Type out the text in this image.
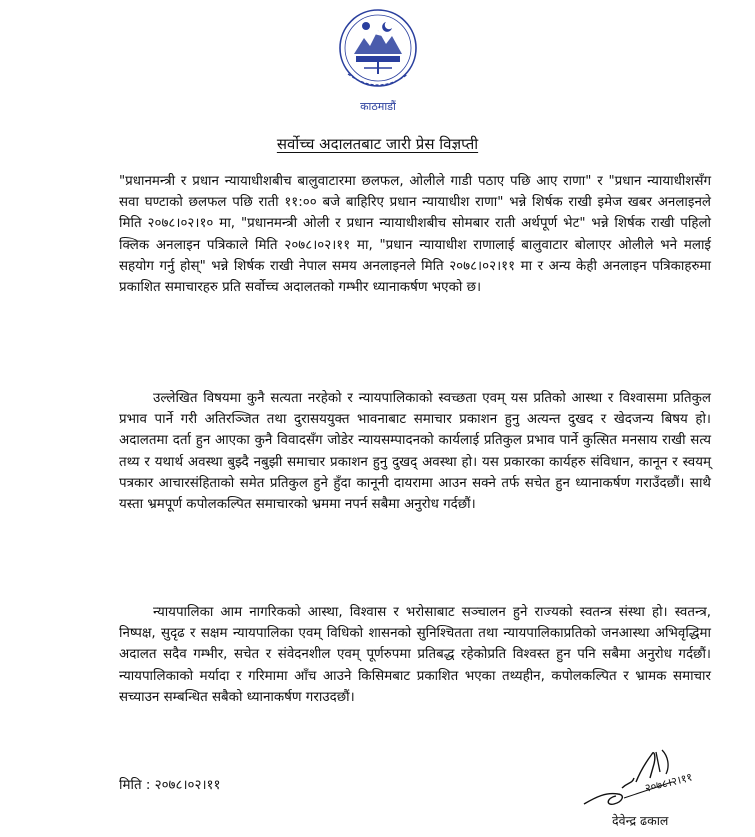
काठमाडौं
सर्वोच्च अदालतबाट जारी प्रेस विज्ञप्ती

"प्रधानमन्त्री र प्रधान न्यायाधीशबीच बालुवाटारमा छलफल, ओलीले गाडी पठाए पछि आए राणा" र "प्रधान न्यायाधीशसँग सवा घण्टाको छलफल पछि राती ११:०० बजे बाहिरिए प्रधान न्यायाधीश राणा" भन्ने शिर्षक राखी इमेज खबर अनलाइनले मिति २०७८।०२।१० मा, "प्रधानमन्त्री ओली र प्रधान न्यायाधीशबीच सोमबार राती अर्थपूर्ण भेट" भन्ने शिर्षक राखी पहिलो क्लिक अनलाइन पत्रिकाले मिति २०७८।०२।११ मा, "प्रधान न्यायाधीश राणालाई बालुवाटार बोलाएर ओलीले भने मलाई सहयोग गर्नु होस्" भन्ने शिर्षक राखी नेपाल समय अनलाइनले मिति २०७८।०२।११ मा र अन्य केही अनलाइन पत्रिकाहरुमा प्रकाशित समाचारहरु प्रति सर्वोच्च अदालतको गम्भीर ध्यानाकर्षण भएको छ।

उल्लेखित विषयमा कुनै सत्यता नरहेको र न्यायपालिकाको स्वच्छता एवम् यस प्रतिको आस्था र विश्वासमा प्रतिकुल प्रभाव पार्ने गरी अतिरञ्जित तथा दुरासययुक्त भावनाबाट समाचार प्रकाशन हुनु अत्यन्त दुखद र खेदजन्य बिषय हो। अदालतमा दर्ता हुन आएका कुनै विवादसँग जोडेर न्यायसम्पादनको कार्यलाई प्रतिकुल प्रभाव पार्ने कुत्सित मनसाय राखी सत्य तथ्य र यथार्थ अवस्था बुझ्दै नबुझी समाचार प्रकाशन हुनु दुखद् अवस्था हो। यस प्रकारका कार्यहरु संविधान, कानून र स्वयम् पत्रकार आचारसंहिताको समेत प्रतिकुल हुने हुँदा कानूनी दायरामा आउन सक्ने तर्फ सचेत हुन ध्यानाकर्षण गराउँदछौं। साथै यस्ता भ्रमपूर्ण कपोलकल्पित समाचारको भ्रममा नपर्न सबैमा अनुरोध गर्दछौं।

न्यायपालिका आम नागरिकको आस्था, विश्वास र भरोसाबाट सञ्चालन हुने राज्यको स्वतन्त्र संस्था हो। स्वतन्त्र, निष्पक्ष, सुदृढ र सक्षम न्यायपालिका एवम् विधिको शासनको सुनिश्चितता तथा न्यायपालिकाप्रतिको जनआस्था अभिवृद्धिमा अदालत सदैव गम्भीर, सचेत र संवेदनशील एवम् पूर्णरुपमा प्रतिबद्ध रहेकोप्रति विश्वस्त हुन पनि सबैमा अनुरोध गर्दछौं। न्यायपालिकाको मर्यादा र गरिमामा आँच आउने किसिमबाट प्रकाशित भएका तथ्यहीन, कपोलकल्पित र भ्रामक समाचार सच्याउन सम्बन्धित सबैको ध्यानाकर्षण गराउदछौं।

मिति : २०७८।०२।११	२०७८।२।११
देवेन्द्र ढकाल
